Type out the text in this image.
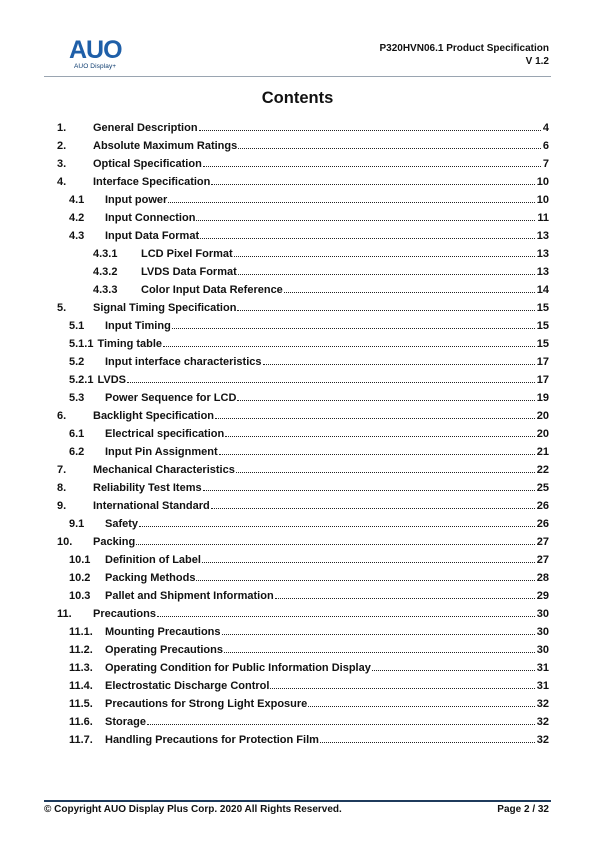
AUO
AUO Display+
P320HVN06.1 Product Specification
V 1.2
Contents
1.	General Description	4
2.	Absolute Maximum Ratings	6
3.	Optical Specification	7
4.	Interface Specification	10
4.1	Input power	10
4.2	Input Connection	11
4.3	Input Data Format	13
4.3.1	LCD Pixel Format	13
4.3.2	LVDS Data Format	13
4.3.3	Color Input Data Reference	14
5.	Signal Timing Specification	15
5.1	Input Timing	15
5.1.1 Timing table	15
5.2	Input interface characteristics	17
5.2.1 LVDS	17
5.3	Power Sequence for LCD	19
6.	Backlight Specification	20
6.1	Electrical specification	20
6.2	Input Pin Assignment	21
7.	Mechanical Characteristics	22
8.	Reliability Test Items	25
9.	International Standard	26
9.1	Safety	26
10.	Packing	27
10.1	Definition of Label	27
10.2	Packing Methods	28
10.3	Pallet and Shipment Information	29
11.	Precautions	30
11.1.	Mounting Precautions	30
11.2.	Operating Precautions	30
11.3.	Operating Condition for Public Information Display	31
11.4.	Electrostatic Discharge Control	31
11.5.	Precautions for Strong Light Exposure	32
11.6.	Storage	32
11.7.	Handling Precautions for Protection Film	32
© Copyright AUO Display Plus Corp. 2020 All Rights Reserved.	Page 2 / 32
